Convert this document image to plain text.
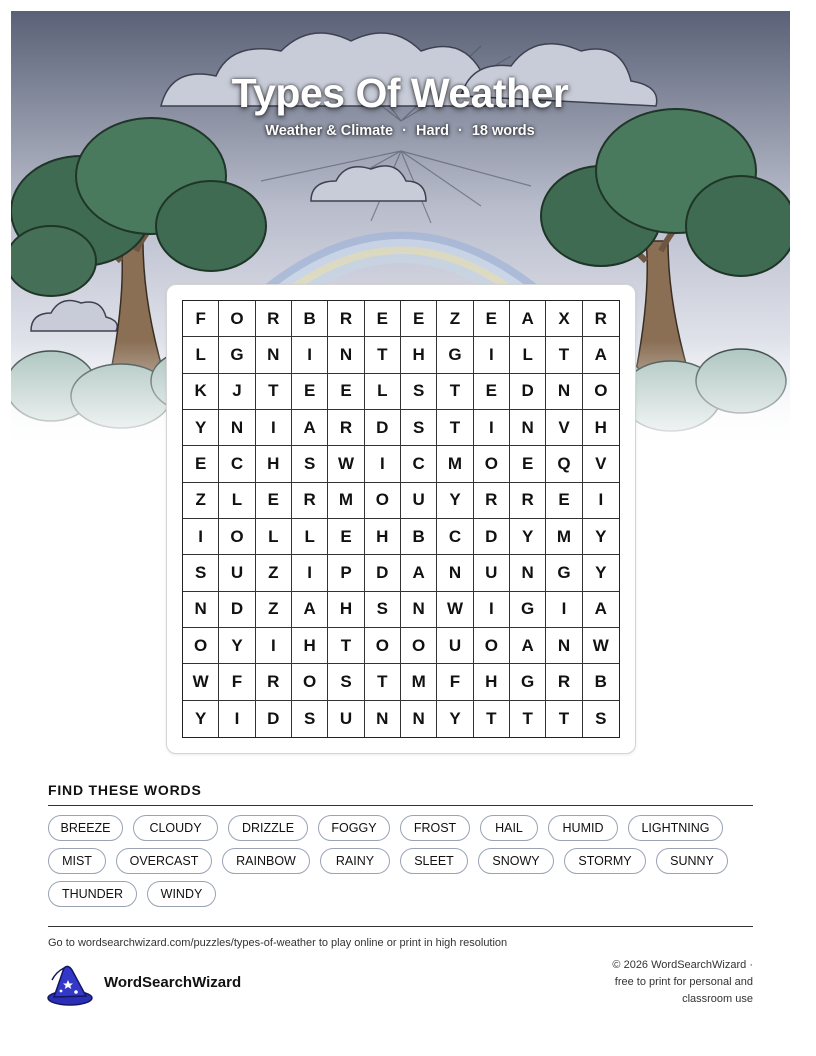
Types Of Weather
Weather & Climate · Hard · 18 words
F	O	R	B	R	E	E	Z	E	A	X	R
L	G	N	I	N	T	H	G	I	L	T	A
K	J	T	E	E	L	S	T	E	D	N	O
Y	N	I	A	R	D	S	T	I	N	V	H
E	C	H	S	W	I	C	M	O	E	Q	V
Z	L	E	R	M	O	U	Y	R	R	E	I
I	O	L	L	E	H	B	C	D	Y	M	Y
S	U	Z	I	P	D	A	N	U	N	G	Y
N	D	Z	A	H	S	N	W	I	G	I	A
O	Y	I	H	T	O	O	U	O	A	N	W
W	F	R	O	S	T	M	F	H	G	R	B
Y	I	D	S	U	N	N	Y	T	T	T	S
FIND THESE WORDS
BREEZE	CLOUDY	DRIZZLE	FOGGY	FROST	HAIL	HUMID	LIGHTNING
MIST	OVERCAST	RAINBOW	RAINY	SLEET	SNOWY	STORMY	SUNNY
THUNDER	WINDY
Go to wordsearchwizard.com/puzzles/types-of-weather to play online or print in high resolution
WordSearchWizard
© 2026 WordSearchWizard ·
free to print for personal and
classroom use
